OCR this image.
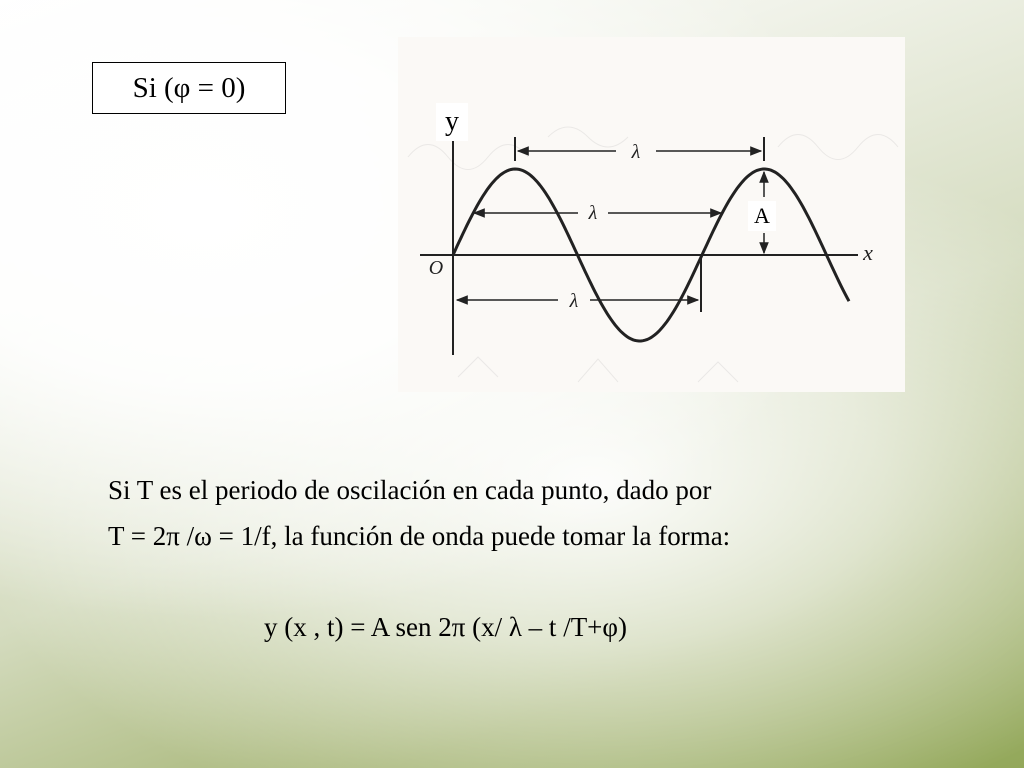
Si (φ = 0)
λ
λ
λ
x
O
y
A
Si T es el periodo de oscilación en cada punto, dado por
T = 2π /ω = 1/f, la función de onda puede tomar la forma:
y (x , t) = A sen 2π (x/ λ – t /T+φ)
